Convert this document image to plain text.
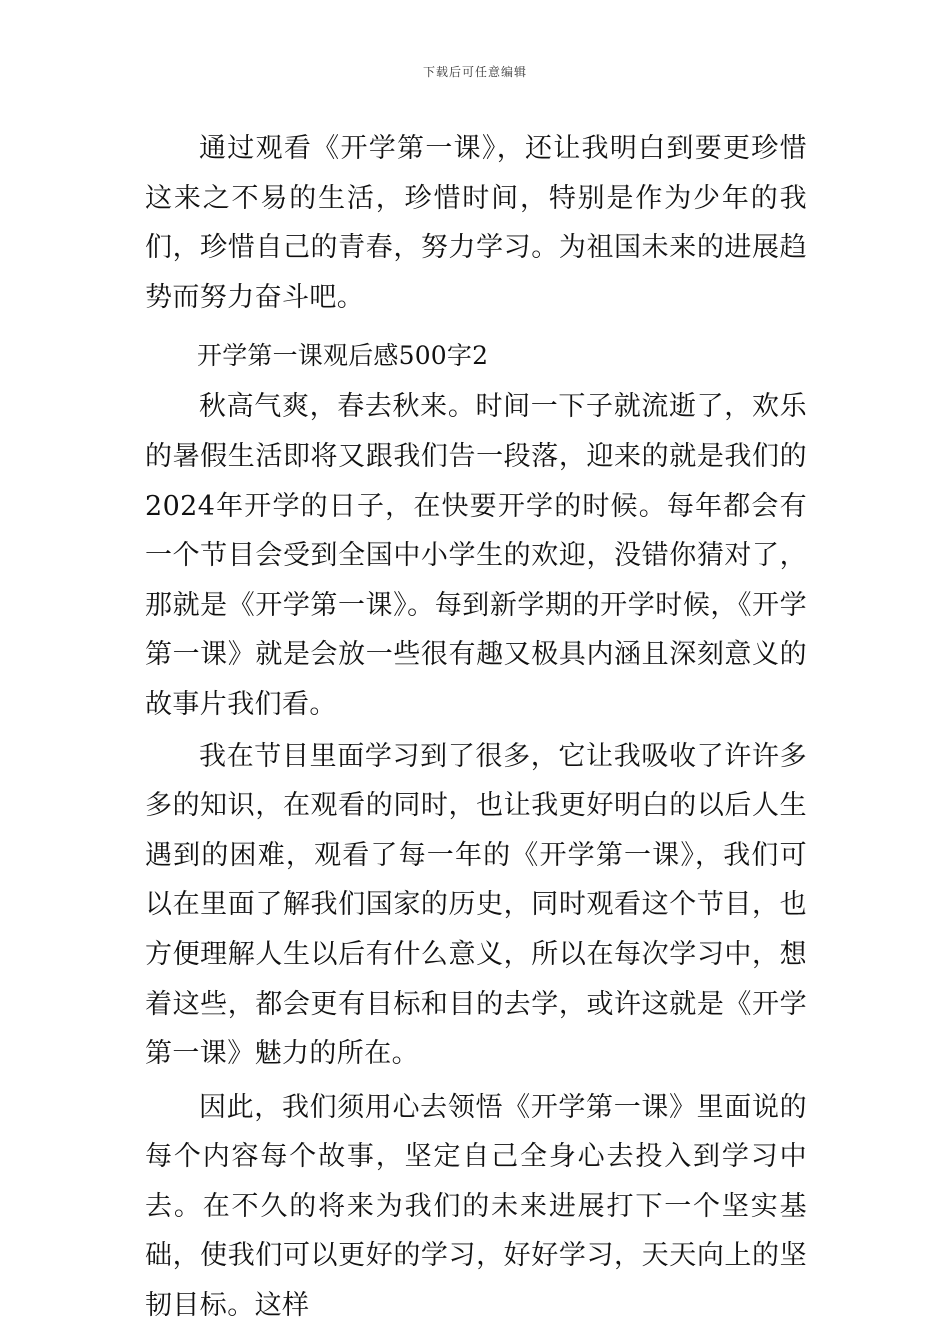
下载后可任意编辑

通过观看《开学第一课》，还让我明白到要更珍惜这来之不易的生活，珍惜时间，特别是作为少年的我们，珍惜自己的青春，努力学习。为祖国未来的进展趋势而努力奋斗吧。

开学第一课观后感500字2

秋高气爽，春去秋来。时间一下子就流逝了，欢乐的暑假生活即将又跟我们告一段落，迎来的就是我们的2024年开学的日子，在快要开学的时候。每年都会有一个节目会受到全国中小学生的欢迎，没错你猜对了，那就是《开学第一课》。每到新学期的开学时候，《开学第一课》就是会放一些很有趣又极具内涵且深刻意义的故事片我们看。

我在节目里面学习到了很多，它让我吸收了许许多多的知识，在观看的同时，也让我更好明白的以后人生遇到的困难，观看了每一年的《开学第一课》，我们可以在里面了解我们国家的历史，同时观看这个节目，也方便理解人生以后有什么意义，所以在每次学习中，想着这些，都会更有目标和目的去学，或许这就是《开学第一课》魅力的所在。

因此，我们须用心去领悟《开学第一课》里面说的每个内容每个故事，坚定自己全身心去投入到学习中去。在不久的将来为我们的未来进展打下一个坚实基础，使我们可以更好的学习，好好学习，天天向上的坚韧目标。这样
